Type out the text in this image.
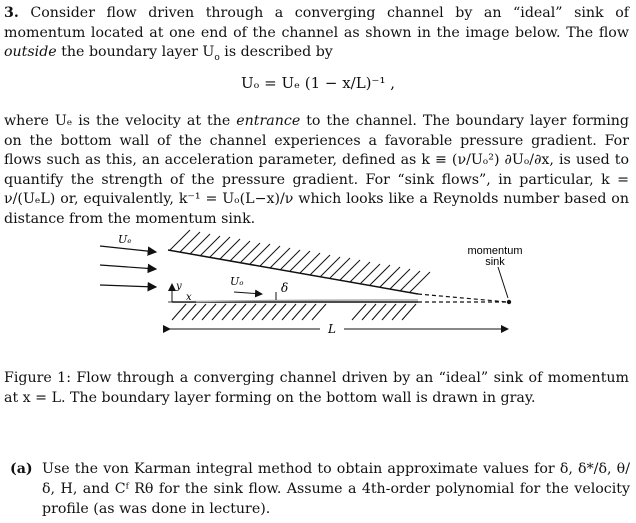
3. Consider flow driven through a converging channel by an “ideal” sink of momentum located at one end of the channel as shown in the image below. The flow outside the boundary layer $U_o$ is described by
Uₒ = Uₑ (1 − x/L)⁻¹ ,
where Uₑ is the velocity at the entrance to the channel. The boundary layer forming on the bottom wall of the channel experiences a favorable pressure gradient. For flows such as this, an acceleration parameter, defined as k ≡ (ν/Uₒ²) ∂Uₒ/∂x, is used to quantify the strength of the pressure gradient. For “sink flows”, in particular, k = ν/(UₑL) or, equivalently, k⁻¹ = Uₒ(L−x)/ν which looks like a Reynolds number based on distance from the momentum sink.
Uₑ
Uₒ	δ
y
x
L
momentum
sink
Figure 1: Flow through a converging channel driven by an “ideal” sink of momentum at x = L. The boundary layer forming on the bottom wall is drawn in gray.
(a) Use the von Karman integral method to obtain approximate values for δ, δ*/δ, θ/δ, H, and Cᶠ Rθ for the sink flow. Assume a 4th-order polynomial for the velocity profile (as was done in lecture).
